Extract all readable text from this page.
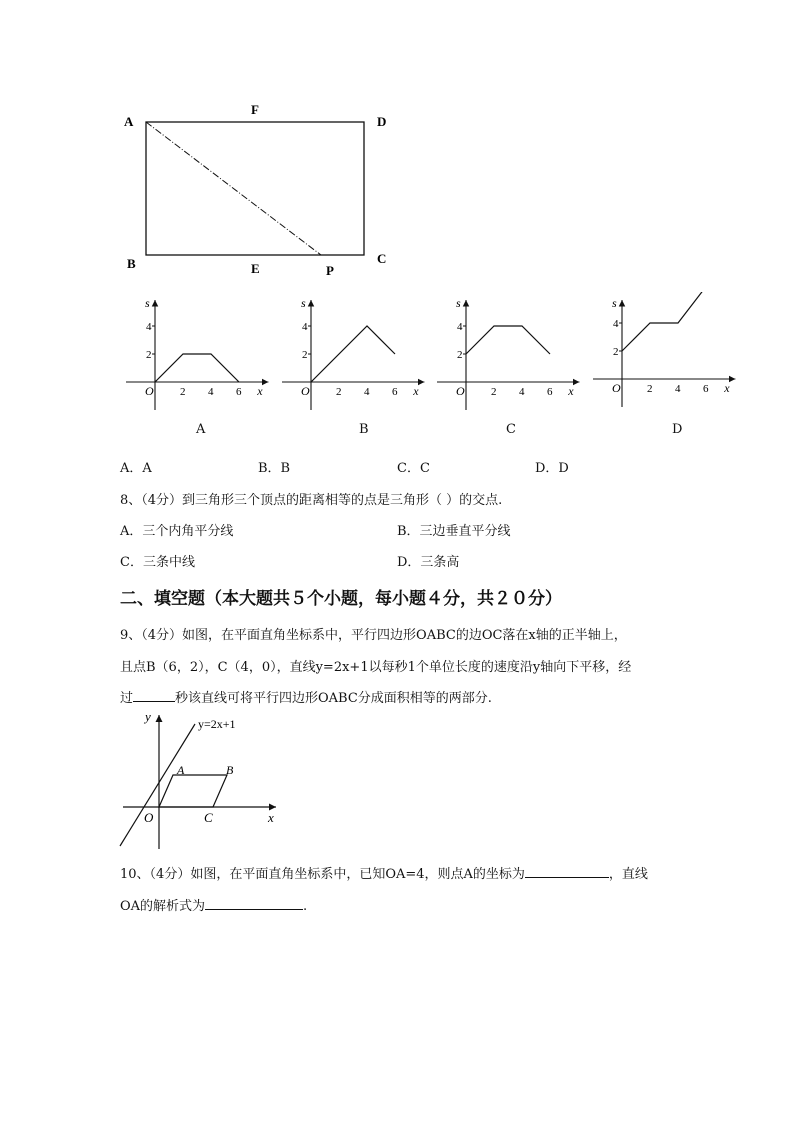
A
F
D
B	E	P
C
2
4
2 4 6
s
x
O
A
2
4
2 4 6
s
x
O
B
2
4
2 4 6
s
x
O
C
2
4
2 4 6
s
x
O
D
A．A	B．B	C．C	D．D
8、（4分）到三角形三个顶点的距离相等的点是三角形（ ）的交点.
A．三个内角平分线	B．三边垂直平分线
C．三条中线	D．三条高
二、填空题（本大题共５个小题，每小题４分，共２０分）
9、（4分）如图，在平面直角坐标系中，平行四边形OABC的边OC落在x轴的正半轴上，
且点B（6，2），C（4，0），直线y=2x+1以每秒1个单位长度的速度沿y轴向下平移，经
过	秒该直线可将平行四边形OABC分成面积相等的两部分.
y=2x+1
y
x
O
A	B
C
10、（4分）如图，在平面直角坐标系中，已知OA=4，则点A的坐标为	，直线
OA的解析式为	.
